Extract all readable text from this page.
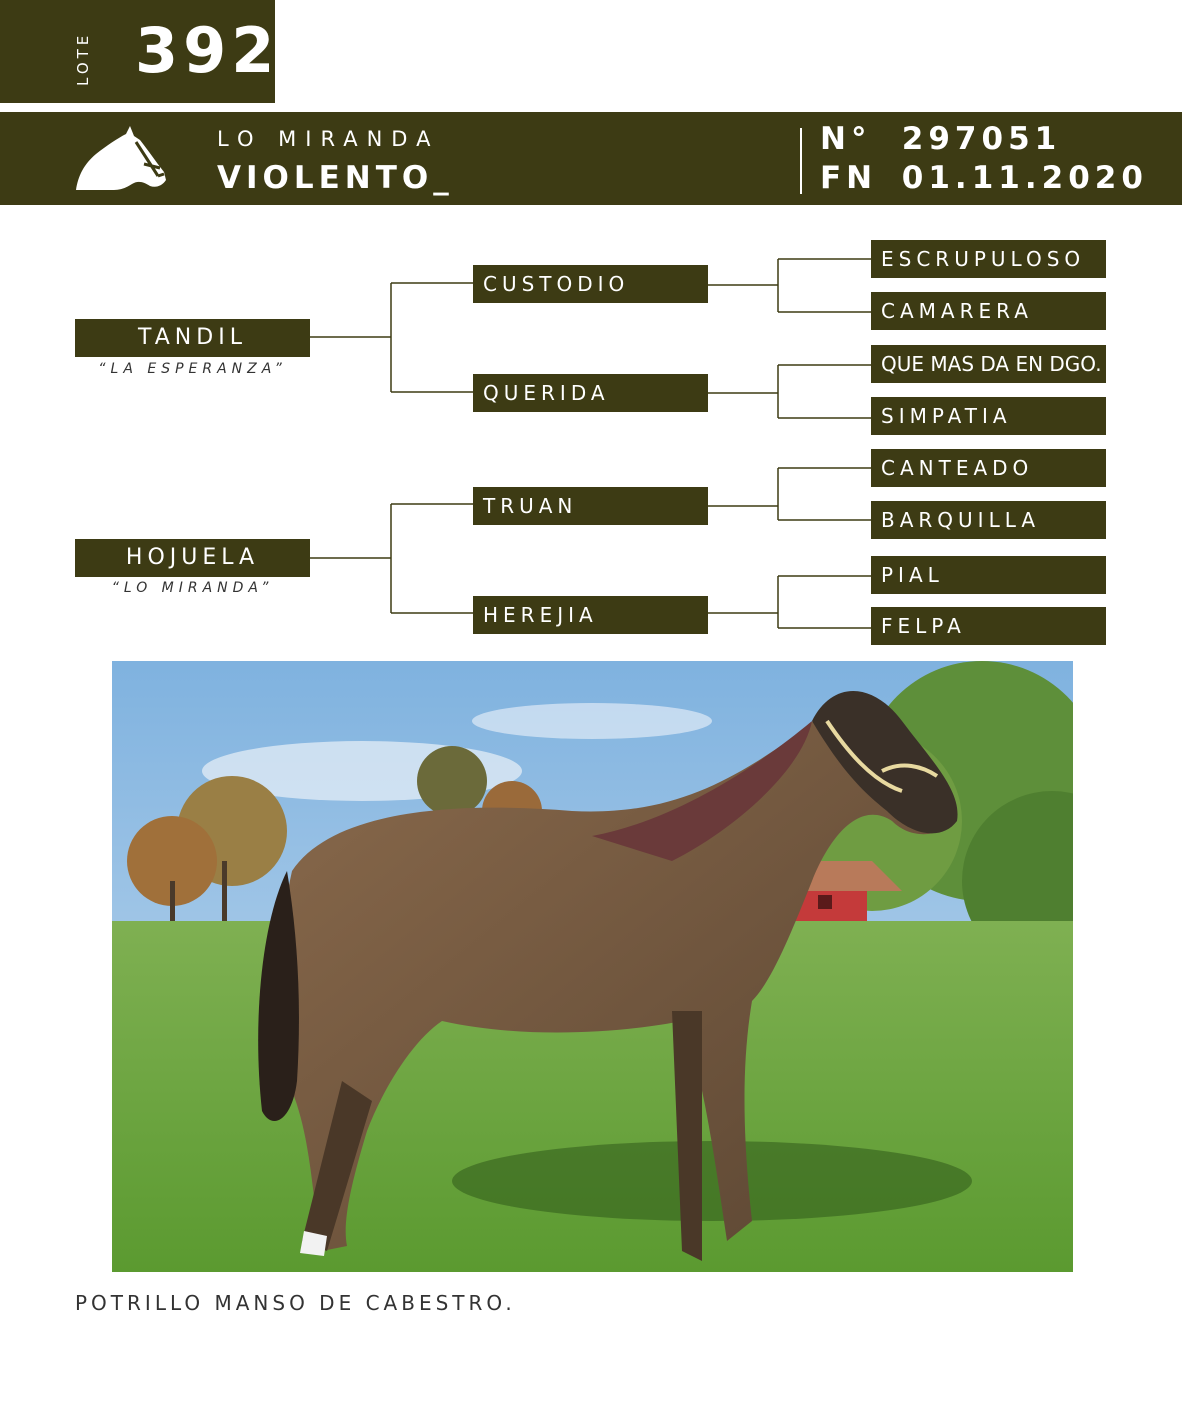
LOTE 392
LO MIRANDA
VIOLENTO_
N° 297051
FN 01.11.2020
TANDIL
“LA ESPERANZA”
HOJUELA
“LO MIRANDA”
CUSTODIO
QUERIDA
TRUAN
HEREJIA
ESCRUPULOSO
CAMARERA
QUE MAS DA EN DGO.
SIMPATIA
CANTEADO
BARQUILLA
PIAL
FELPA
POTRILLO MANSO DE CABESTRO.
